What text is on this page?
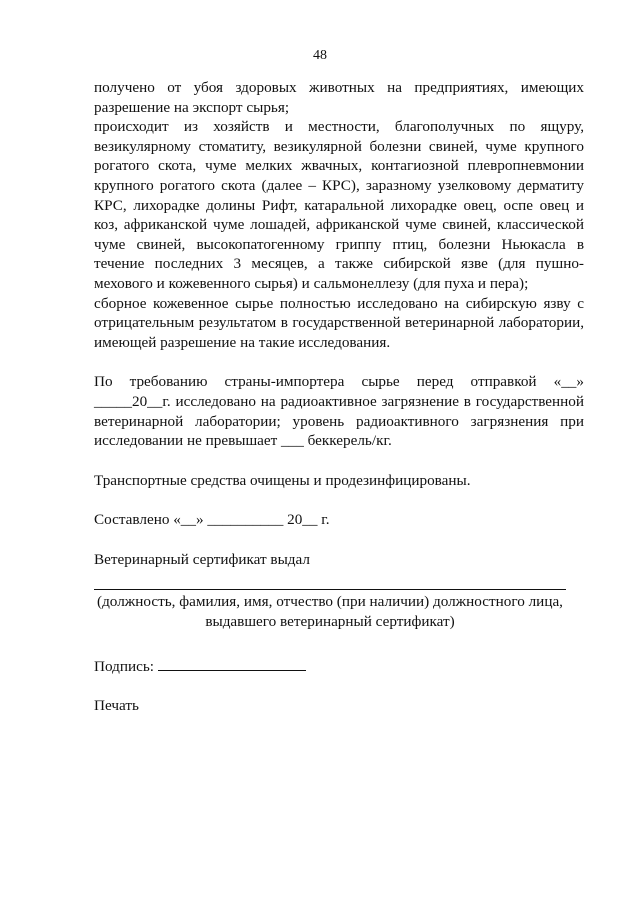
48
получено от убоя здоровых животных на предприятиях, имеющих разрешение на экспорт сырья;
происходит из хозяйств и местности, благополучных по ящуру, везикулярному стоматиту, везикулярной болезни свиней, чуме крупного рогатого скота, чуме мелких жвачных, контагиозной плевропневмонии крупного рогатого скота (далее – КРС), заразному узелковому дерматиту КРС, лихорадке долины Рифт, катаральной лихорадке овец, оспе овец и коз, африканской чуме лошадей, африканской чуме свиней, классической чуме свиней, высокопатогенному гриппу птиц, болезни Ньюкасла в течение последних 3 месяцев, а также сибирской язве (для пушно-мехового и кожевенного сырья) и сальмонеллезу (для пуха и пера);
сборное кожевенное сырье полностью исследовано на сибирскую язву с отрицательным результатом в государственной ветеринарной лаборатории, имеющей разрешение на такие исследования.
По требованию страны-импортера сырье перед отправкой «__» _____20__г. исследовано на радиоактивное загрязнение в государственной ветеринарной лаборатории; уровень радиоактивного загрязнения при исследовании не превышает ___ беккерель/кг.
Транспортные средства очищены и продезинфицированы.
Составлено «__» __________ 20__ г.
Ветеринарный сертификат выдал
(должность, фамилия, имя, отчество (при наличии) должностного лица, выдавшего ветеринарный сертификат)
Подпись:
Печать
